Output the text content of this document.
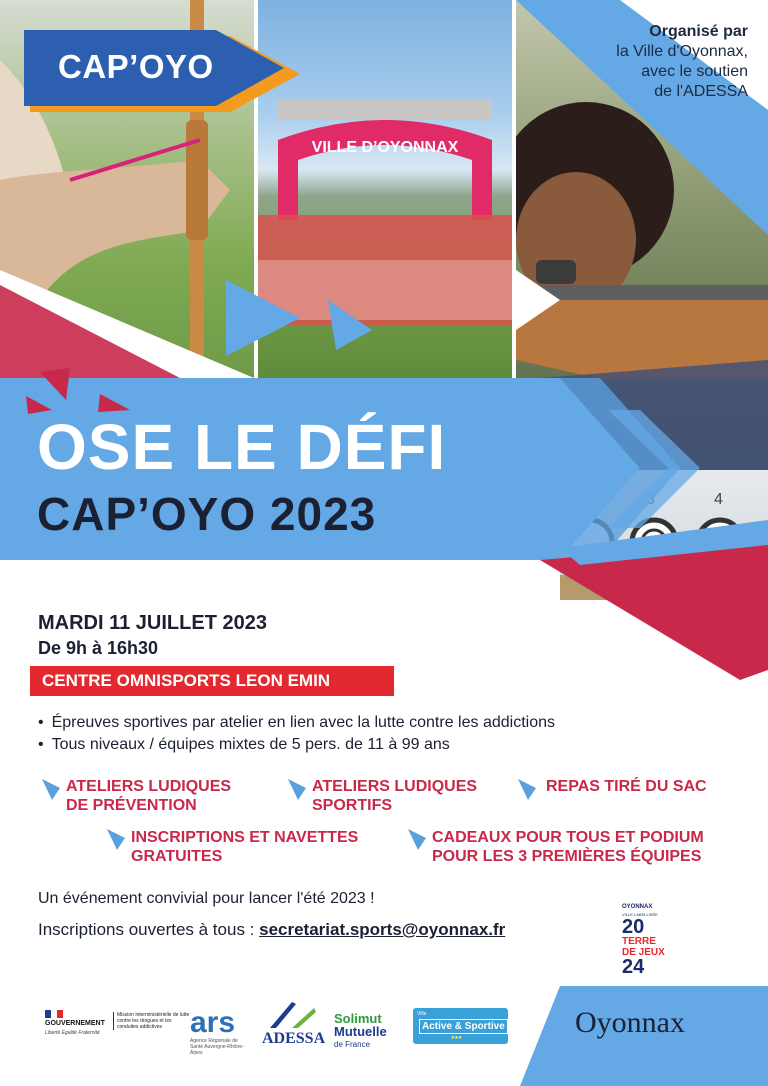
VILLE D’OYONNAX
4
CAP’OYO
Organisé par
la Ville d'Oyonnax,
avec le soutien
de l'ADESSA
OSE LE DÉFI
CAP’OYO 2023
MARDI 11 JUILLET 2023
De 9h à 16h30
CENTRE OMNISPORTS LEON EMIN
• Épreuves sportives par atelier en lien avec la lutte contre les addictions
• Tous niveaux / équipes mixtes de 5 pers. de 11 à 99 ans
ATELIERS LUDIQUES
DE PRÉVENTION
ATELIERS LUDIQUES
SPORTIFS
REPAS TIRÉ DU SAC
INSCRIPTIONS ET NAVETTES
GRATUITES
CADEAUX POUR TOUS ET PODIUM
POUR LES 3 PREMIÈRES ÉQUIPES
Un événement convivial pour lancer l'été 2023 !
Inscriptions ouvertes à tous : secretariat.sports@oyonnax.fr
OYONNAX
VILLE LABELLISÉE
20
TERRE
DE JEUX
24
GOUVERNEMENT
Liberté Égalité Fraternité
Mission interministérielle de lutte contre les drogues et les conduites addictives ars
Agence Régionale de Santé Auvergne-Rhône-Alpes
ADESSA
Solimut
Mutuelle
de France
Ville
Active & Sportive
●●●	Oyonnax
